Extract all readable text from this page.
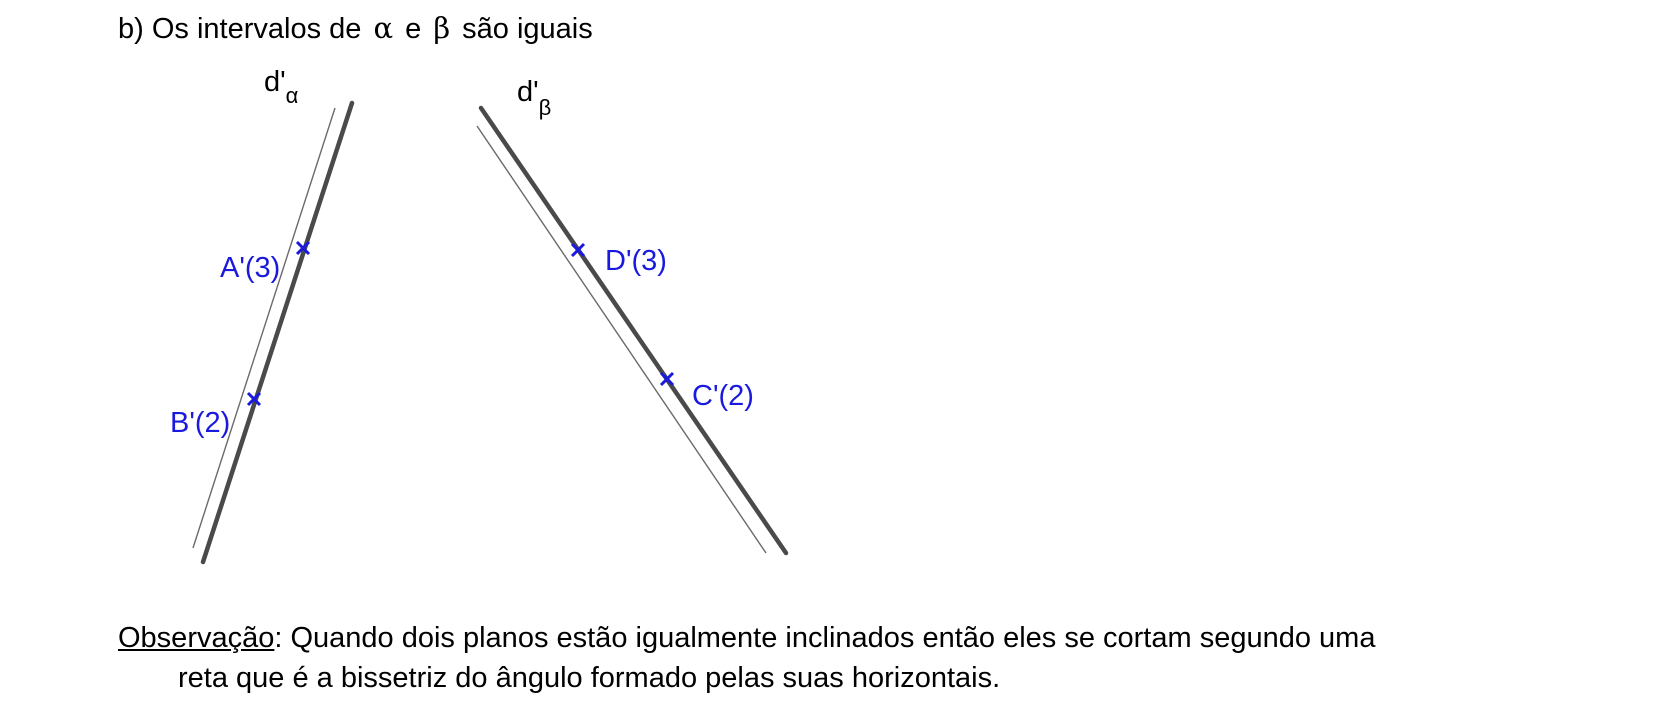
b) Os intervalos de α e β são iguais
$d'_\alpha$	$d'_\beta$
A'(3)
B'(2)
D'(3)
C'(2)
Observação: Quando dois planos estão igualmente inclinados então eles se cortam segundo uma
reta que é a bissetriz do ângulo formado pelas suas horizontais.
